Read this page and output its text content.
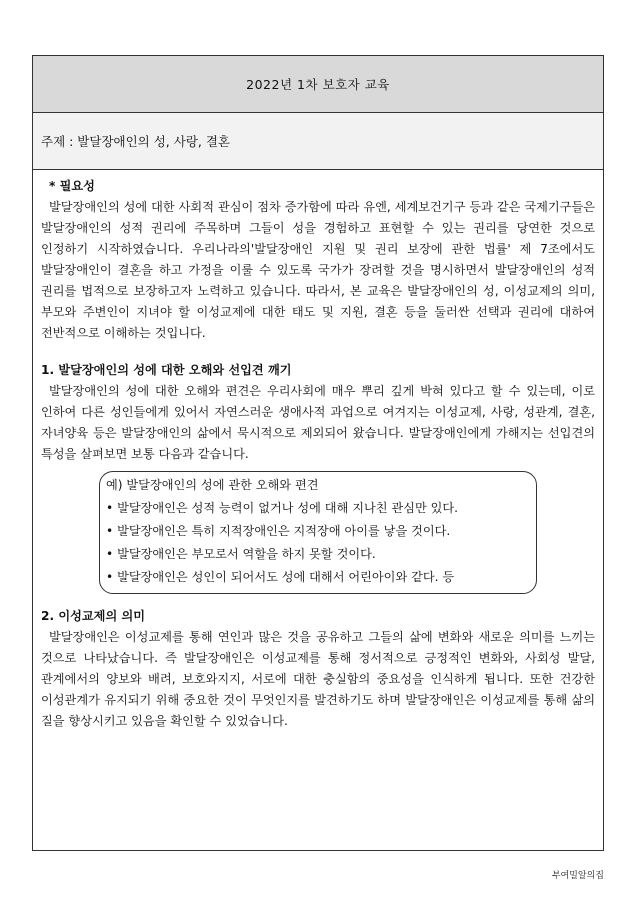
2022년 1차 보호자 교육
주제 : 발달장애인의 성, 사랑, 결혼
* 필요성
발달장애인의 성에 대한 사회적 관심이 점차 증가함에 따라 유엔, 세계보건기구 등과 같은 국제기구들은 발달장애인의 성적 권리에 주목하며 그들이 성을 경험하고 표현할 수 있는 권리를 당연한 것으로 인정하기 시작하였습니다. 우리나라의'발달장애인 지원 및 권리 보장에 관한 법률' 제 7조에서도 발달장애인이 결혼을 하고 가정을 이룰 수 있도록 국가가 장려할 것을 명시하면서 발달장애인의 성적 권리를 법적으로 보장하고자 노력하고 있습니다. 따라서, 본 교육은 발달장애인의 성, 이성교제의 의미, 부모와 주변인이 지녀야 할 이성교제에 대한 태도 및 지원, 결혼 등을 둘러싼 선택과 권리에 대하여 전반적으로 이해하는 것입니다.
1. 발달장애인의 성에 대한 오해와 선입견 깨기
발달장애인의 성에 대한 오해와 편견은 우리사회에 매우 뿌리 깊게 박혀 있다고 할 수 있는데, 이로 인하여 다른 성인들에게 있어서 자연스러운 생애사적 과업으로 여겨지는 이성교제, 사랑, 성관계, 결혼, 자녀양육 등은 발달장애인의 삶에서 묵시적으로 제외되어 왔습니다. 발달장애인에게 가해지는 선입견의 특성을 살펴보면 보통 다음과 같습니다.
예) 발달장애인의 성에 관한 오해와 편견
• 발달장애인은 성적 능력이 없거나 성에 대해 지나친 관심만 있다.
• 발달장애인은 특히 지적장애인은 지적장애 아이를 낳을 것이다.
• 발달장애인은 부모로서 역할을 하지 못할 것이다.
• 발달장애인은 성인이 되어서도 성에 대해서 어린아이와 같다. 등
2. 이성교제의 의미
발달장애인은 이성교제를 통해 연인과 많은 것을 공유하고 그들의 삶에 변화와 새로운 의미를 느끼는 것으로 나타났습니다. 즉 발달장애인은 이성교제를 통해 정서적으로 긍정적인 변화와, 사회성 발달, 관계에서의 양보와 배려, 보호와지지, 서로에 대한 충실함의 중요성을 인식하게 됩니다. 또한 건강한 이성관계가 유지되기 위해 중요한 것이 무엇인지를 발견하기도 하며 발달장애인은 이성교제를 통해 삶의 질을 향상시키고 있음을 확인할 수 있었습니다.
부여밀알의집
